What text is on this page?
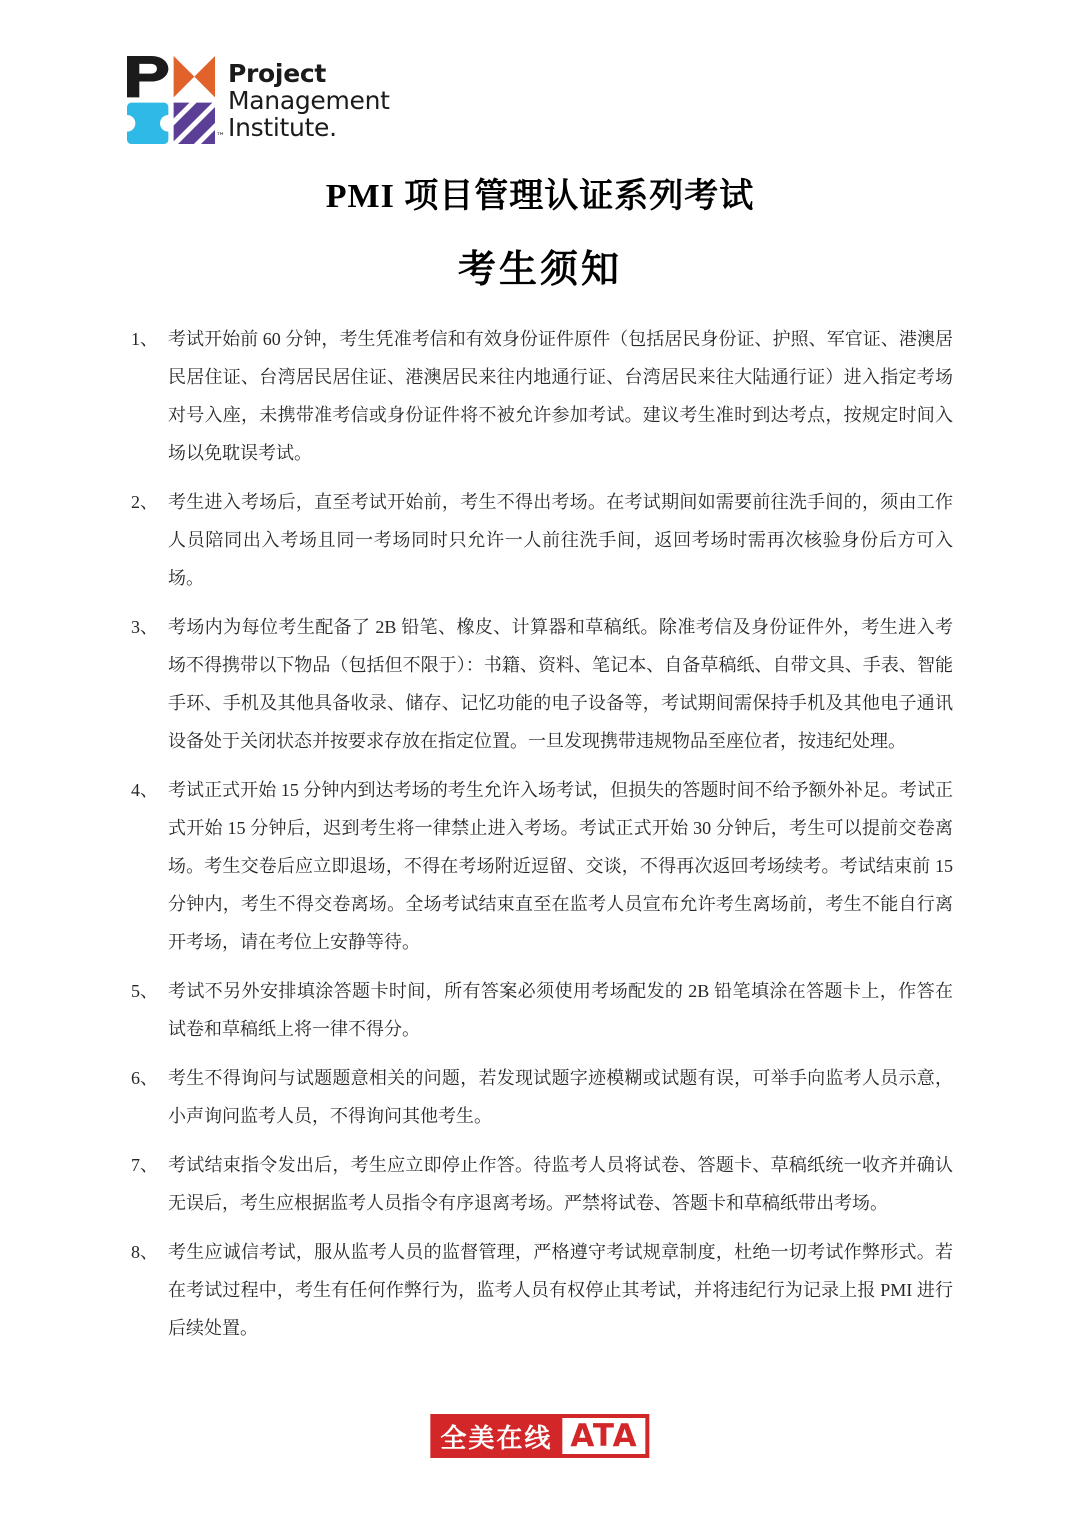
™
Project
Management
Institute.
PMI 项目管理认证系列考试
考生须知
1、 考试开始前 60 分钟，考生凭准考信和有效身份证件原件（包括居民身份证、护照、军官证、港澳居民居住证、台湾居民居住证、港澳居民来往内地通行证、台湾居民来往大陆通行证）进入指定考场对号入座，未携带准考信或身份证件将不被允许参加考试。建议考生准时到达考点，按规定时间入场以免耽误考试。

2、 考生进入考场后，直至考试开始前，考生不得出考场。在考试期间如需要前往洗手间的，须由工作人员陪同出入考场且同一考场同时只允许一人前往洗手间，返回考场时需再次核验身份后方可入场。

3、 考场内为每位考生配备了 2B 铅笔、橡皮、计算器和草稿纸。除准考信及身份证件外，考生进入考场不得携带以下物品（包括但不限于）：书籍、资料、笔记本、自备草稿纸、自带文具、手表、智能手环、手机及其他具备收录、储存、记忆功能的电子设备等，考试期间需保持手机及其他电子通讯设备处于关闭状态并按要求存放在指定位置。一旦发现携带违规物品至座位者，按违纪处理。

4、 考试正式开始 15 分钟内到达考场的考生允许入场考试，但损失的答题时间不给予额外补足。考试正式开始 15 分钟后，迟到考生将一律禁止进入考场。考试正式开始 30 分钟后，考生可以提前交卷离场。考生交卷后应立即退场，不得在考场附近逗留、交谈，不得再次返回考场续考。考试结束前 15 分钟内，考生不得交卷离场。全场考试结束直至在监考人员宣布允许考生离场前，考生不能自行离开考场，请在考位上安静等待。

5、 考试不另外安排填涂答题卡时间，所有答案必须使用考场配发的 2B 铅笔填涂在答题卡上，作答在试卷和草稿纸上将一律不得分。

6、 考生不得询问与试题题意相关的问题，若发现试题字迹模糊或试题有误，可举手向监考人员示意，小声询问监考人员，不得询问其他考生。

7、 考试结束指令发出后，考生应立即停止作答。待监考人员将试卷、答题卡、草稿纸统一收齐并确认无误后，考生应根据监考人员指令有序退离考场。严禁将试卷、答题卡和草稿纸带出考场。

8、 考生应诚信考试，服从监考人员的监督管理，严格遵守考试规章制度，杜绝一切考试作弊形式。若在考试过程中，考生有任何作弊行为，监考人员有权停止其考试，并将违纪行为记录上报 PMI 进行后续处置。

全美在线 ATA
